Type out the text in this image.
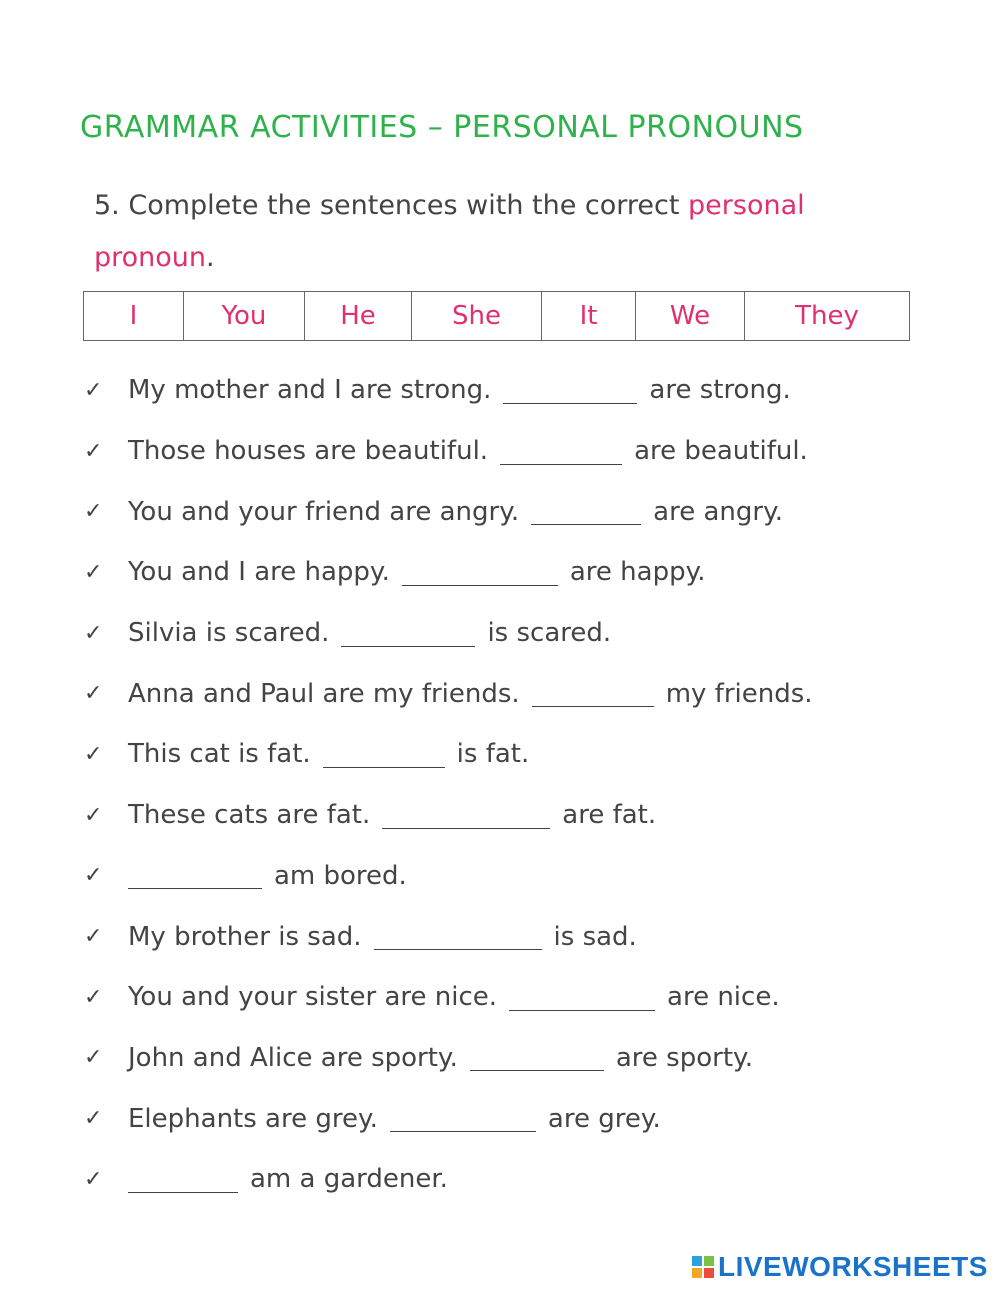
GRAMMAR ACTIVITIES – PERSONAL PRONOUNS
5. Complete the sentences with the correct personal
pronoun.
I	You	He	She	It	We	They
✓ My mother and I are strong.	are strong.
✓ Those houses are beautiful.	are beautiful.
✓ You and your friend are angry.	are angry.
✓ You and I are happy.	are happy.
✓ Silvia is scared.	is scared.
✓ Anna and Paul are my friends.	my friends.
✓ This cat is fat.	is fat.
✓ These cats are fat.	are fat.
✓	am bored.
✓ My brother is sad.	is sad.
✓ You and your sister are nice.	are nice.
✓ John and Alice are sporty.	are sporty.
✓ Elephants are grey.	are grey.
✓	am a gardener.
LIVEWORKSHEETS
